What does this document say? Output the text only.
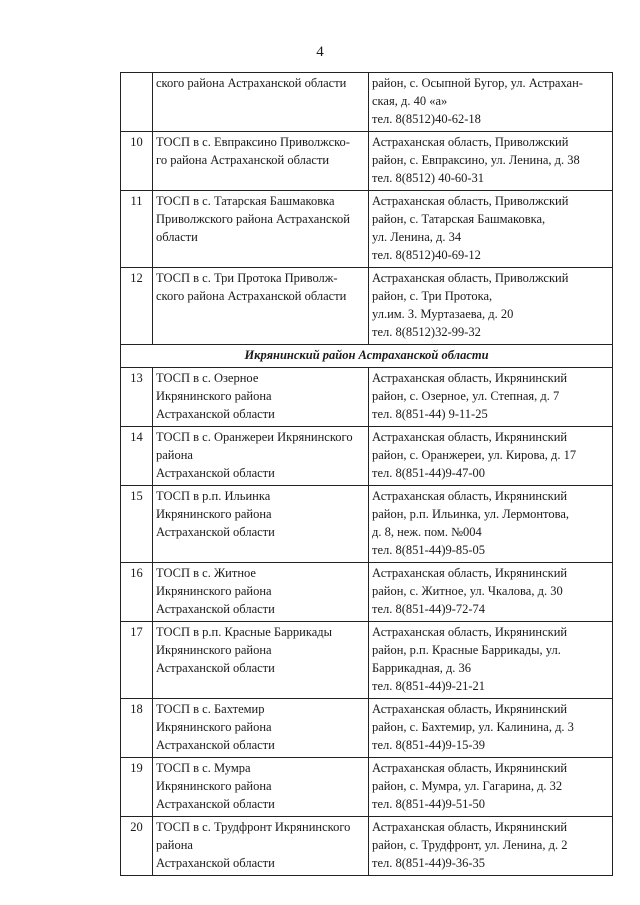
4

	ского района Астраханской области	район, с. Осыпной Бугор, ул. Астрахан-
ская, д. 40 «а»
тел. 8(8512)40-62-18

10	ТОСП в с. Евпраксино Приволжско-
го района Астраханской области	Астраханская область, Приволжский
район, с. Евпраксино, ул. Ленина, д. 38
тел. 8(8512) 40-60-31

11	ТОСП в с. Татарская Башмаковка
Приволжского района Астраханской
области	Астраханская область, Приволжский
район, с. Татарская Башмаковка,
ул. Ленина, д. 34
тел. 8(8512)40-69-12

12	ТОСП в с. Три Протока Приволж-
ского района Астраханской области	Астраханская область, Приволжский
район, с. Три Протока,
ул.им. З. Муртазаева, д. 20
тел. 8(8512)32-99-32

Икрянинский район Астраханской области		
13	ТОСП в с. Озерное
Икрянинского района
Астраханской области	Астраханская область, Икрянинский
район, с. Озерное, ул. Степная, д. 7
тел. 8(851-44) 9-11-25

14	ТОСП в с. Оранжереи Икрянинского
района
Астраханской области	Астраханская область, Икрянинский
район, с. Оранжереи, ул. Кирова, д. 17
тел. 8(851-44)9-47-00

15	ТОСП в р.п. Ильинка
Икрянинского района
Астраханской области	Астраханская область, Икрянинский
район, р.п. Ильинка, ул. Лермонтова,
д. 8, неж. пом. №004
тел. 8(851-44)9-85-05

16	ТОСП в с. Житное
Икрянинского района
Астраханской области	Астраханская область, Икрянинский
район, с. Житное, ул. Чкалова, д. 30
тел. 8(851-44)9-72-74

17	ТОСП в р.п. Красные Баррикады
Икрянинского района
Астраханской области	Астраханская область, Икрянинский
район, р.п. Красные Баррикады, ул.
Баррикадная, д. 36
тел. 8(851-44)9-21-21

18	ТОСП в с. Бахтемир
Икрянинского района
Астраханской области	Астраханская область, Икрянинский
район, с. Бахтемир, ул. Калинина, д. 3
тел. 8(851-44)9-15-39

19	ТОСП в с. Мумра
Икрянинского района
Астраханской области	Астраханская область, Икрянинский
район, с. Мумра, ул. Гагарина, д. 32
тел. 8(851-44)9-51-50

20	ТОСП в с. Трудфронт Икрянинского
района
Астраханской области	Астраханская область, Икрянинский
район, с. Трудфронт, ул. Ленина, д. 2
тел. 8(851-44)9-36-35
